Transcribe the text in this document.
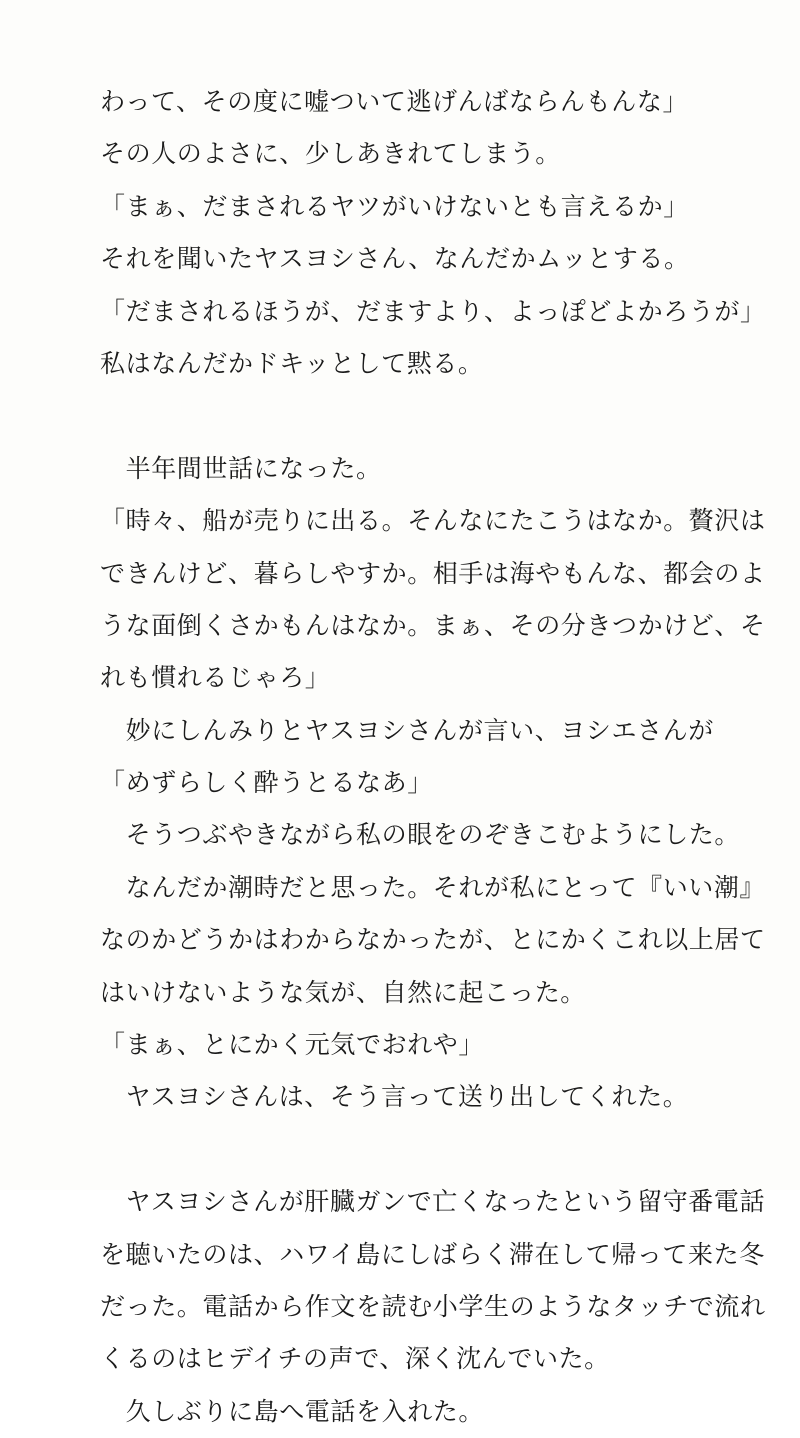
わって、その度に嘘ついて逃げんばならんもんな」
その人のよさに、少しあきれてしまう。
「まぁ、だまされるヤツがいけないとも言えるか」
それを聞いたヤスヨシさん、なんだかムッとする。
「だまされるほうが、だますより、よっぽどよかろうが」
私はなんだかドキッとして黙る。
　半年間世話になった。
「時々、船が売りに出る。そんなにたこうはなか。贅沢は
できんけど、暮らしやすか。相手は海やもんな、都会のよ
うな面倒くさかもんはなか。まぁ、その分きつかけど、そ
れも慣れるじゃろ」
　妙にしんみりとヤスヨシさんが言い、ヨシエさんが
「めずらしく酔うとるなあ」
　そうつぶやきながら私の眼をのぞきこむようにした。
　なんだか潮時だと思った。それが私にとって『いい潮』
なのかどうかはわからなかったが、とにかくこれ以上居て
はいけないような気が、自然に起こった。
「まぁ、とにかく元気でおれや」
　ヤスヨシさんは、そう言って送り出してくれた。
　ヤスヨシさんが肝臓ガンで亡くなったという留守番電話
を聴いたのは、ハワイ島にしばらく滞在して帰って来た冬
だった。電話から作文を読む小学生のようなタッチで流れ
くるのはヒデイチの声で、深く沈んでいた。
　久しぶりに島へ電話を入れた。
